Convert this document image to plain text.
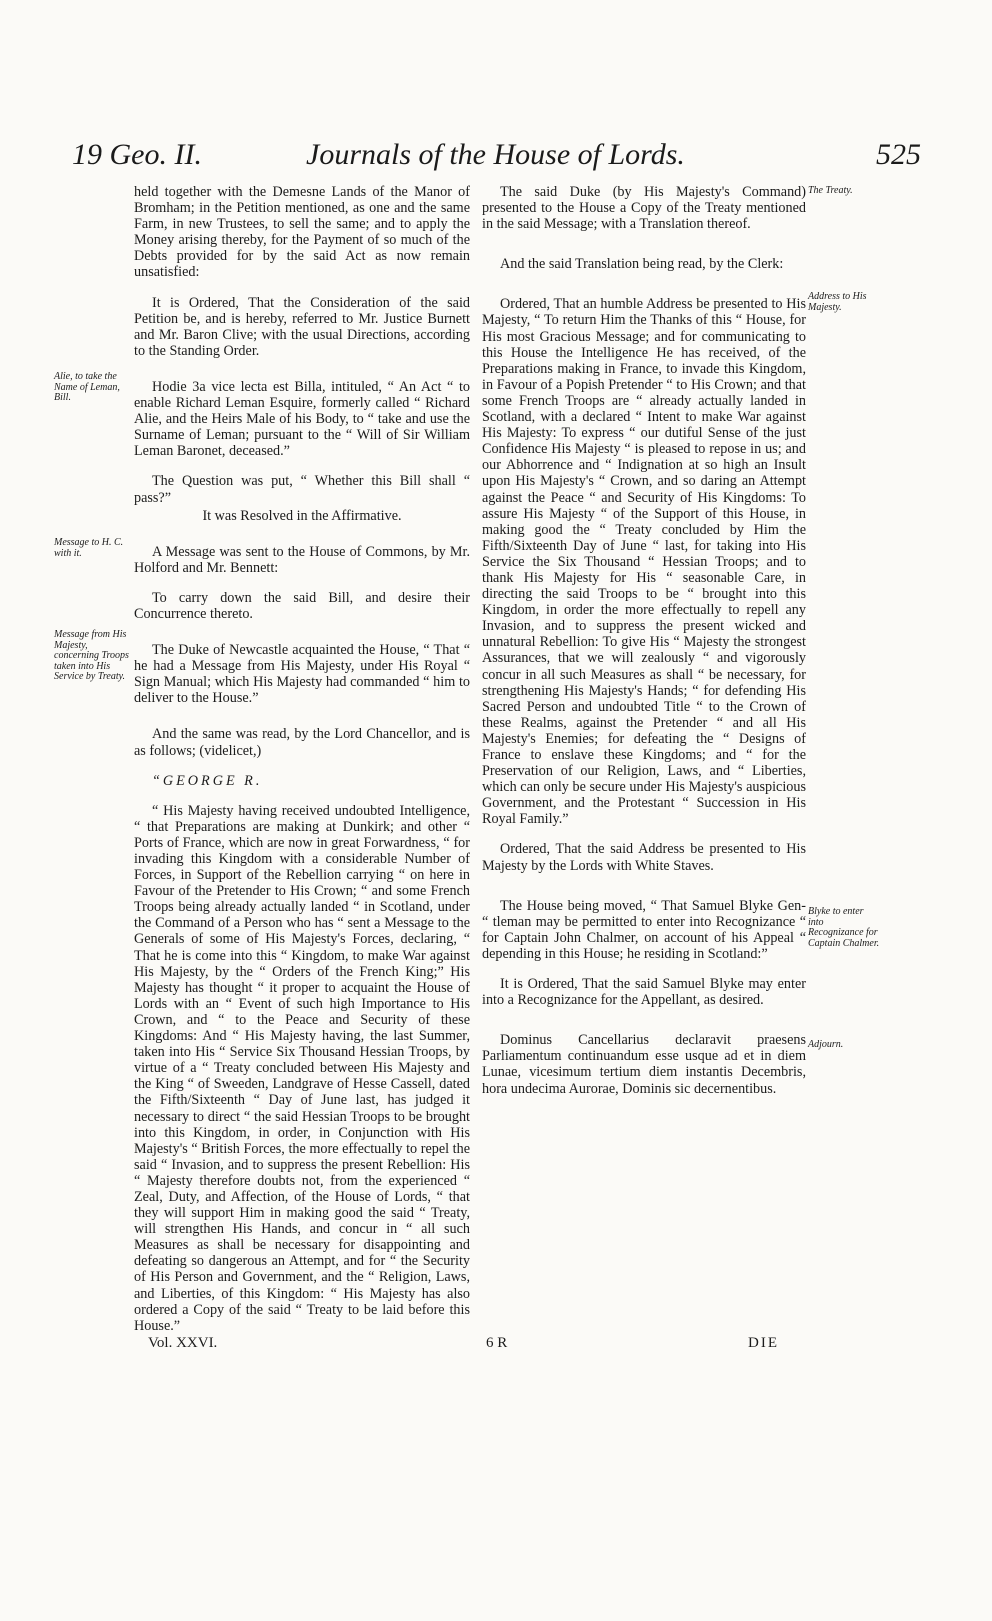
19 Geo. II.	Journals of the House of Lords.	525
Alie, to take the Name of Leman, Bill.
Message to H. C. with it.
Message from His Majesty, concerning Troops taken into His Service by Treaty.
The Treaty.
Address to His Majesty.
Blyke to enter into Recognizance for Captain Chalmer.
Adjourn.

held together with the Demesne Lands of the Manor of Bromham; in the Petition mentioned, as one and the same Farm, in new Trustees, to sell the same; and to apply the Money arising thereby, for the Payment of so much of the Debts provided for by the said Act as now remain unsatisfied:

It is Ordered, That the Consideration of the said Petition be, and is hereby, referred to Mr. Justice Burnett and Mr. Baron Clive; with the usual Directions, according to the Standing Order.

Hodie 3a vice lecta est Billa, intituled, “ An Act “ to enable Richard Leman Esquire, formerly called “ Richard Alie, and the Heirs Male of his Body, to “ take and use the Surname of Leman; pursuant to the “ Will of Sir William Leman Baronet, deceased.”

The Question was put, “ Whether this Bill shall “ pass?”

It was Resolved in the Affirmative.

A Message was sent to the House of Commons, by Mr. Holford and Mr. Bennett:

To carry down the said Bill, and desire their Concurrence thereto.

The Duke of Newcastle acquainted the House, “ That “ he had a Message from His Majesty, under His Royal “ Sign Manual; which His Majesty had commanded “ him to deliver to the House.”

And the same was read, by the Lord Chancellor, and is as follows; (videlicet,)

“GEORGE R.

“ His Majesty having received undoubted Intelligence, “ that Preparations are making at Dunkirk; and other “ Ports of France, which are now in great Forwardness, “ for invading this Kingdom with a considerable Number of Forces, in Support of the Rebellion carrying “ on here in Favour of the Pretender to His Crown; “ and some French Troops being already actually landed “ in Scotland, under the Command of a Person who has “ sent a Message to the Generals of some of His Majesty's Forces, declaring, “ That he is come into this “ Kingdom, to make War against His Majesty, by the “ Orders of the French King;” His Majesty has thought “ it proper to acquaint the House of Lords with an “ Event of such high Importance to His Crown, and “ to the Peace and Security of these Kingdoms: And “ His Majesty having, the last Summer, taken into His “ Service Six Thousand Hessian Troops, by virtue of a “ Treaty concluded between His Majesty and the King “ of Sweeden, Landgrave of Hesse Cassell, dated the Fifth/Sixteenth “ Day of June last, has judged it necessary to direct “ the said Hessian Troops to be brought into this Kingdom, in order, in Conjunction with His Majesty's “ British Forces, the more effectually to repel the said “ Invasion, and to suppress the present Rebellion: His “ Majesty therefore doubts not, from the experienced “ Zeal, Duty, and Affection, of the House of Lords, “ that they will support Him in making good the said “ Treaty, will strengthen His Hands, and concur in “ all such Measures as shall be necessary for disappointing and defeating so dangerous an Attempt, and for “ the Security of His Person and Government, and the “ Religion, Laws, and Liberties, of this Kingdom: “ His Majesty has also ordered a Copy of the said “ Treaty to be laid before this House.”

The said Duke (by His Majesty's Command) presented to the House a Copy of the Treaty mentioned in the said Message; with a Translation thereof.

And the said Translation being read, by the Clerk:

Ordered, That an humble Address be presented to His Majesty, “ To return Him the Thanks of this “ House, for His most Gracious Message; and for communicating to this House the Intelligence He has received, of the Preparations making in France, to invade this Kingdom, in Favour of a Popish Pretender “ to His Crown; and that some French Troops are “ already actually landed in Scotland, with a declared “ Intent to make War against His Majesty: To express “ our dutiful Sense of the just Confidence His Majesty “ is pleased to repose in us; and our Abhorrence and “ Indignation at so high an Insult upon His Majesty's “ Crown, and so daring an Attempt against the Peace “ and Security of His Kingdoms: To assure His Majesty “ of the Support of this House, in making good the “ Treaty concluded by Him the Fifth/Sixteenth Day of June “ last, for taking into His Service the Six Thousand “ Hessian Troops; and to thank His Majesty for His “ seasonable Care, in directing the said Troops to be “ brought into this Kingdom, in order the more effectually to repell any Invasion, and to suppress the present wicked and unnatural Rebellion: To give His “ Majesty the strongest Assurances, that we will zealously “ and vigorously concur in all such Measures as shall “ be necessary, for strengthening His Majesty's Hands; “ for defending His Sacred Person and undoubted Title “ to the Crown of these Realms, against the Pretender “ and all His Majesty's Enemies; for defeating the “ Designs of France to enslave these Kingdoms; and “ for the Preservation of our Religion, Laws, and “ Liberties, which can only be secure under His Majesty's auspicious Government, and the Protestant “ Succession in His Royal Family.”

Ordered, That the said Address be presented to His Majesty by the Lords with White Staves.

The House being moved, “ That Samuel Blyke Gen- “ tleman may be permitted to enter into Recognizance “ for Captain John Chalmer, on account of his Appeal “ depending in this House; he residing in Scotland:”

It is Ordered, That the said Samuel Blyke may enter into a Recognizance for the Appellant, as desired.

Dominus Cancellarius declaravit praesens Parliamentum continuandum esse usque ad et in diem Lunae, vicesimum tertium diem instantis Decembris, hora undecima Aurorae, Dominis sic decernentibus.

Vol. XXVI.	6 R	DIE
